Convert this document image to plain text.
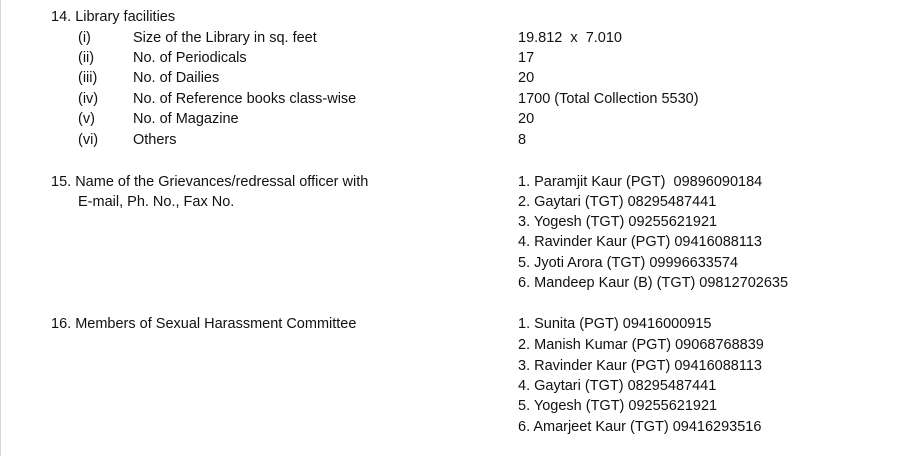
14. Library facilities
(i)	Size of the Library in sq. feet	19.812  x  7.010
(ii)	No. of Periodicals	17
(iii) No. of Dailies	20
(iv) No. of Reference books class-wise	1700 (Total Collection 5530)
(v)	No. of Magazine	20
(vi) Others	8
15. Name of the Grievances/redressal officer with
E-mail, Ph. No., Fax No.
1. Paramjit Kaur (PGT)  09896090184
2. Gaytari (TGT) 08295487441
3. Yogesh (TGT) 09255621921
4. Ravinder Kaur (PGT) 09416088113
5. Jyoti Arora (TGT) 09996633574
6. Mandeep Kaur (B) (TGT) 09812702635
16. Members of Sexual Harassment Committee	1. Sunita (PGT) 09416000915
2. Manish Kumar (PGT) 09068768839
3. Ravinder Kaur (PGT) 09416088113
4. Gaytari (TGT) 08295487441
5. Yogesh (TGT) 09255621921
6. Amarjeet Kaur (TGT) 09416293516
